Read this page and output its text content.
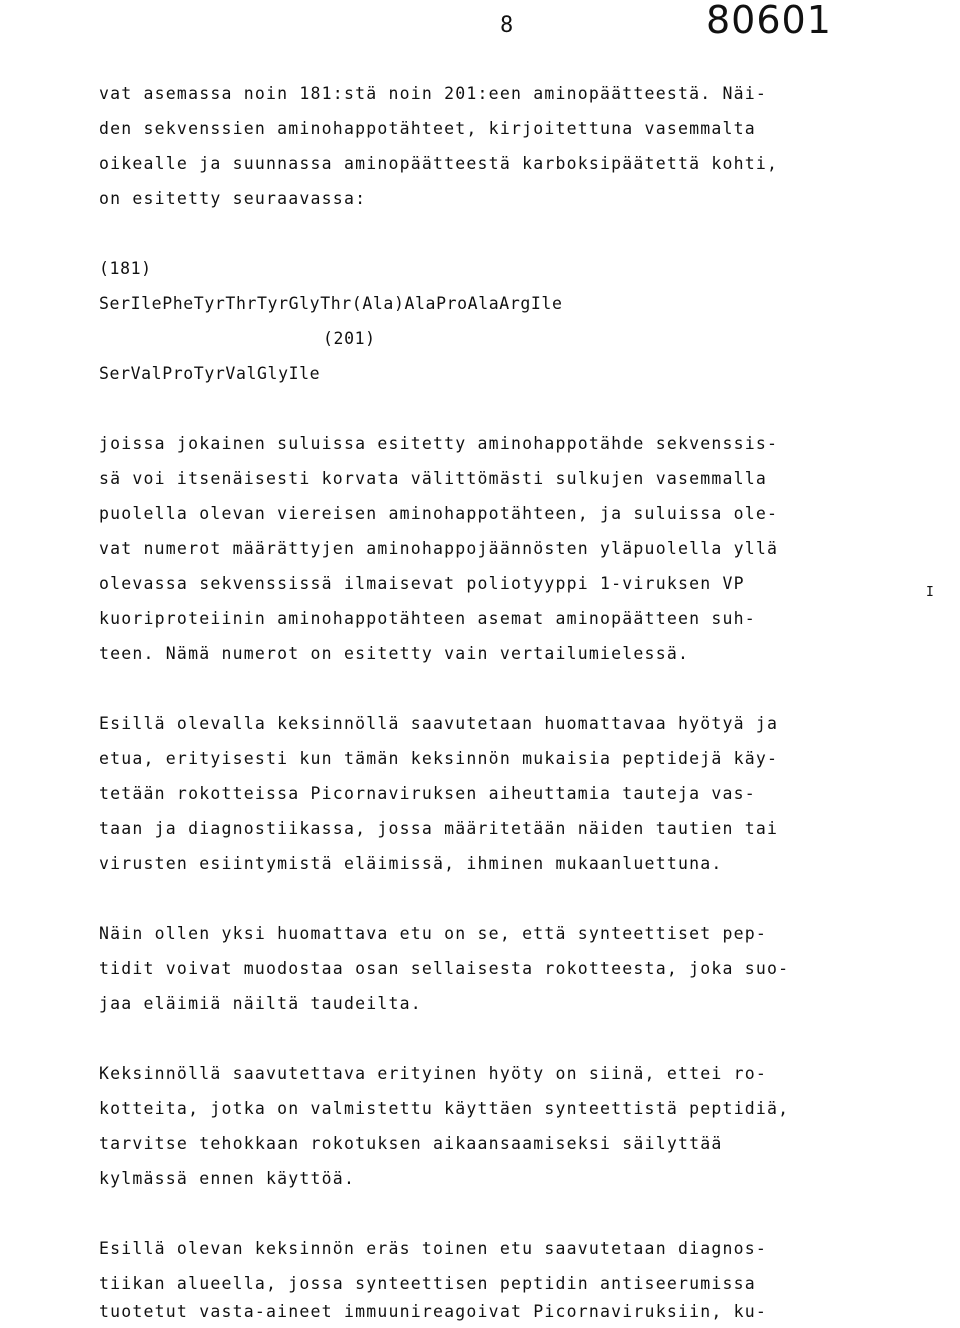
8	80601
vat asemassa noin 181:stä noin 201:een aminopäätteestä. Näi-
den sekvenssien aminohappotähteet, kirjoitettuna vasemmalta
oikealle ja suunnassa aminopäätteestä karboksipäätettä kohti,
on esitetty seuraavassa:
(181)
SerIlePheTyrThrTyrGlyThr(Ala)AlaProAlaArgIle
(201)
SerValProTyrValGlyIle
joissa jokainen suluissa esitetty aminohappotähde sekvenssis-
sä voi itsenäisesti korvata välittömästi sulkujen vasemmalla
puolella olevan viereisen aminohappotähteen, ja suluissa ole-
vat numerot määrättyjen aminohappojäännösten yläpuolella yllä
olevassa sekvenssissä ilmaisevat poliotyyppi 1-viruksen VP	I
kuoriproteiinin aminohappotähteen asemat aminopäätteen suh-
teen. Nämä numerot on esitetty vain vertailumielessä.
Esillä olevalla keksinnöllä saavutetaan huomattavaa hyötyä ja
etua, erityisesti kun tämän keksinnön mukaisia peptidejä käy-
tetään rokotteissa Picornaviruksen aiheuttamia tauteja vas-
taan ja diagnostiikassa, jossa määritetään näiden tautien tai
virusten esiintymistä eläimissä, ihminen mukaanluettuna.
Näin ollen yksi huomattava etu on se, että synteettiset pep-
tidit voivat muodostaa osan sellaisesta rokotteesta, joka suo-
jaa eläimiä näiltä taudeilta.
Keksinnöllä saavutettava erityinen hyöty on siinä, ettei ro-
kotteita, jotka on valmistettu käyttäen synteettistä peptidiä,
tarvitse tehokkaan rokotuksen aikaansaamiseksi säilyttää
kylmässä ennen käyttöä.
Esillä olevan keksinnön eräs toinen etu saavutetaan diagnos-
tiikan alueella, jossa synteettisen peptidin antiseerumissa
tuotetut vasta-aineet immuunireagoivat Picornaviruksiin, ku-
